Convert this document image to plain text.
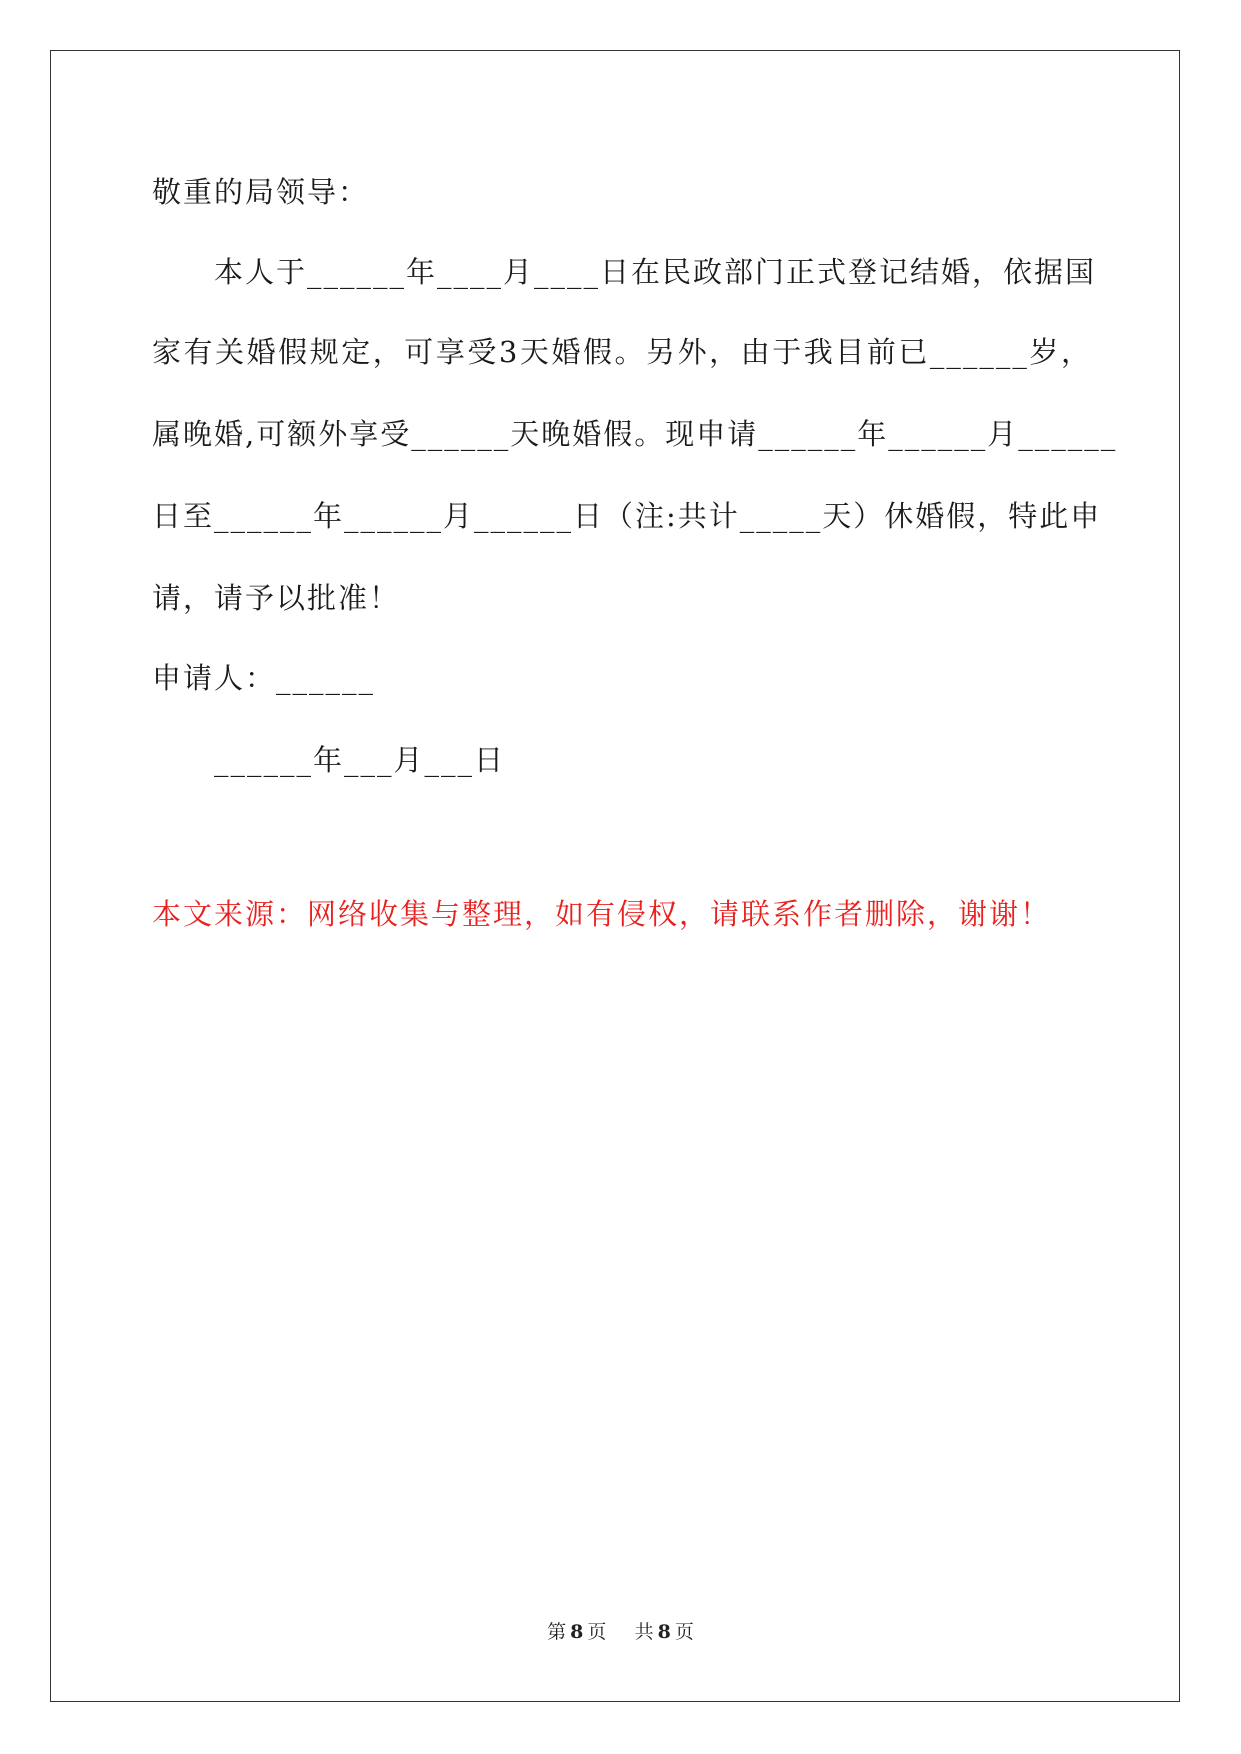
敬重的局领导：
　　本人于______年____月____日在民政部门正式登记结婚，依据国
家有关婚假规定，可享受3天婚假。另外，由于我目前已______岁，
属晚婚,可额外享受______天晚婚假。现申请______年______月______
日至______年______月______日（注:共计_____天）休婚假，特此申
请，请予以批准！
申请人：______
　　______年___月___日
本文来源：网络收集与整理，如有侵权，请联系作者删除，谢谢！
第 8 页 共 8 页
